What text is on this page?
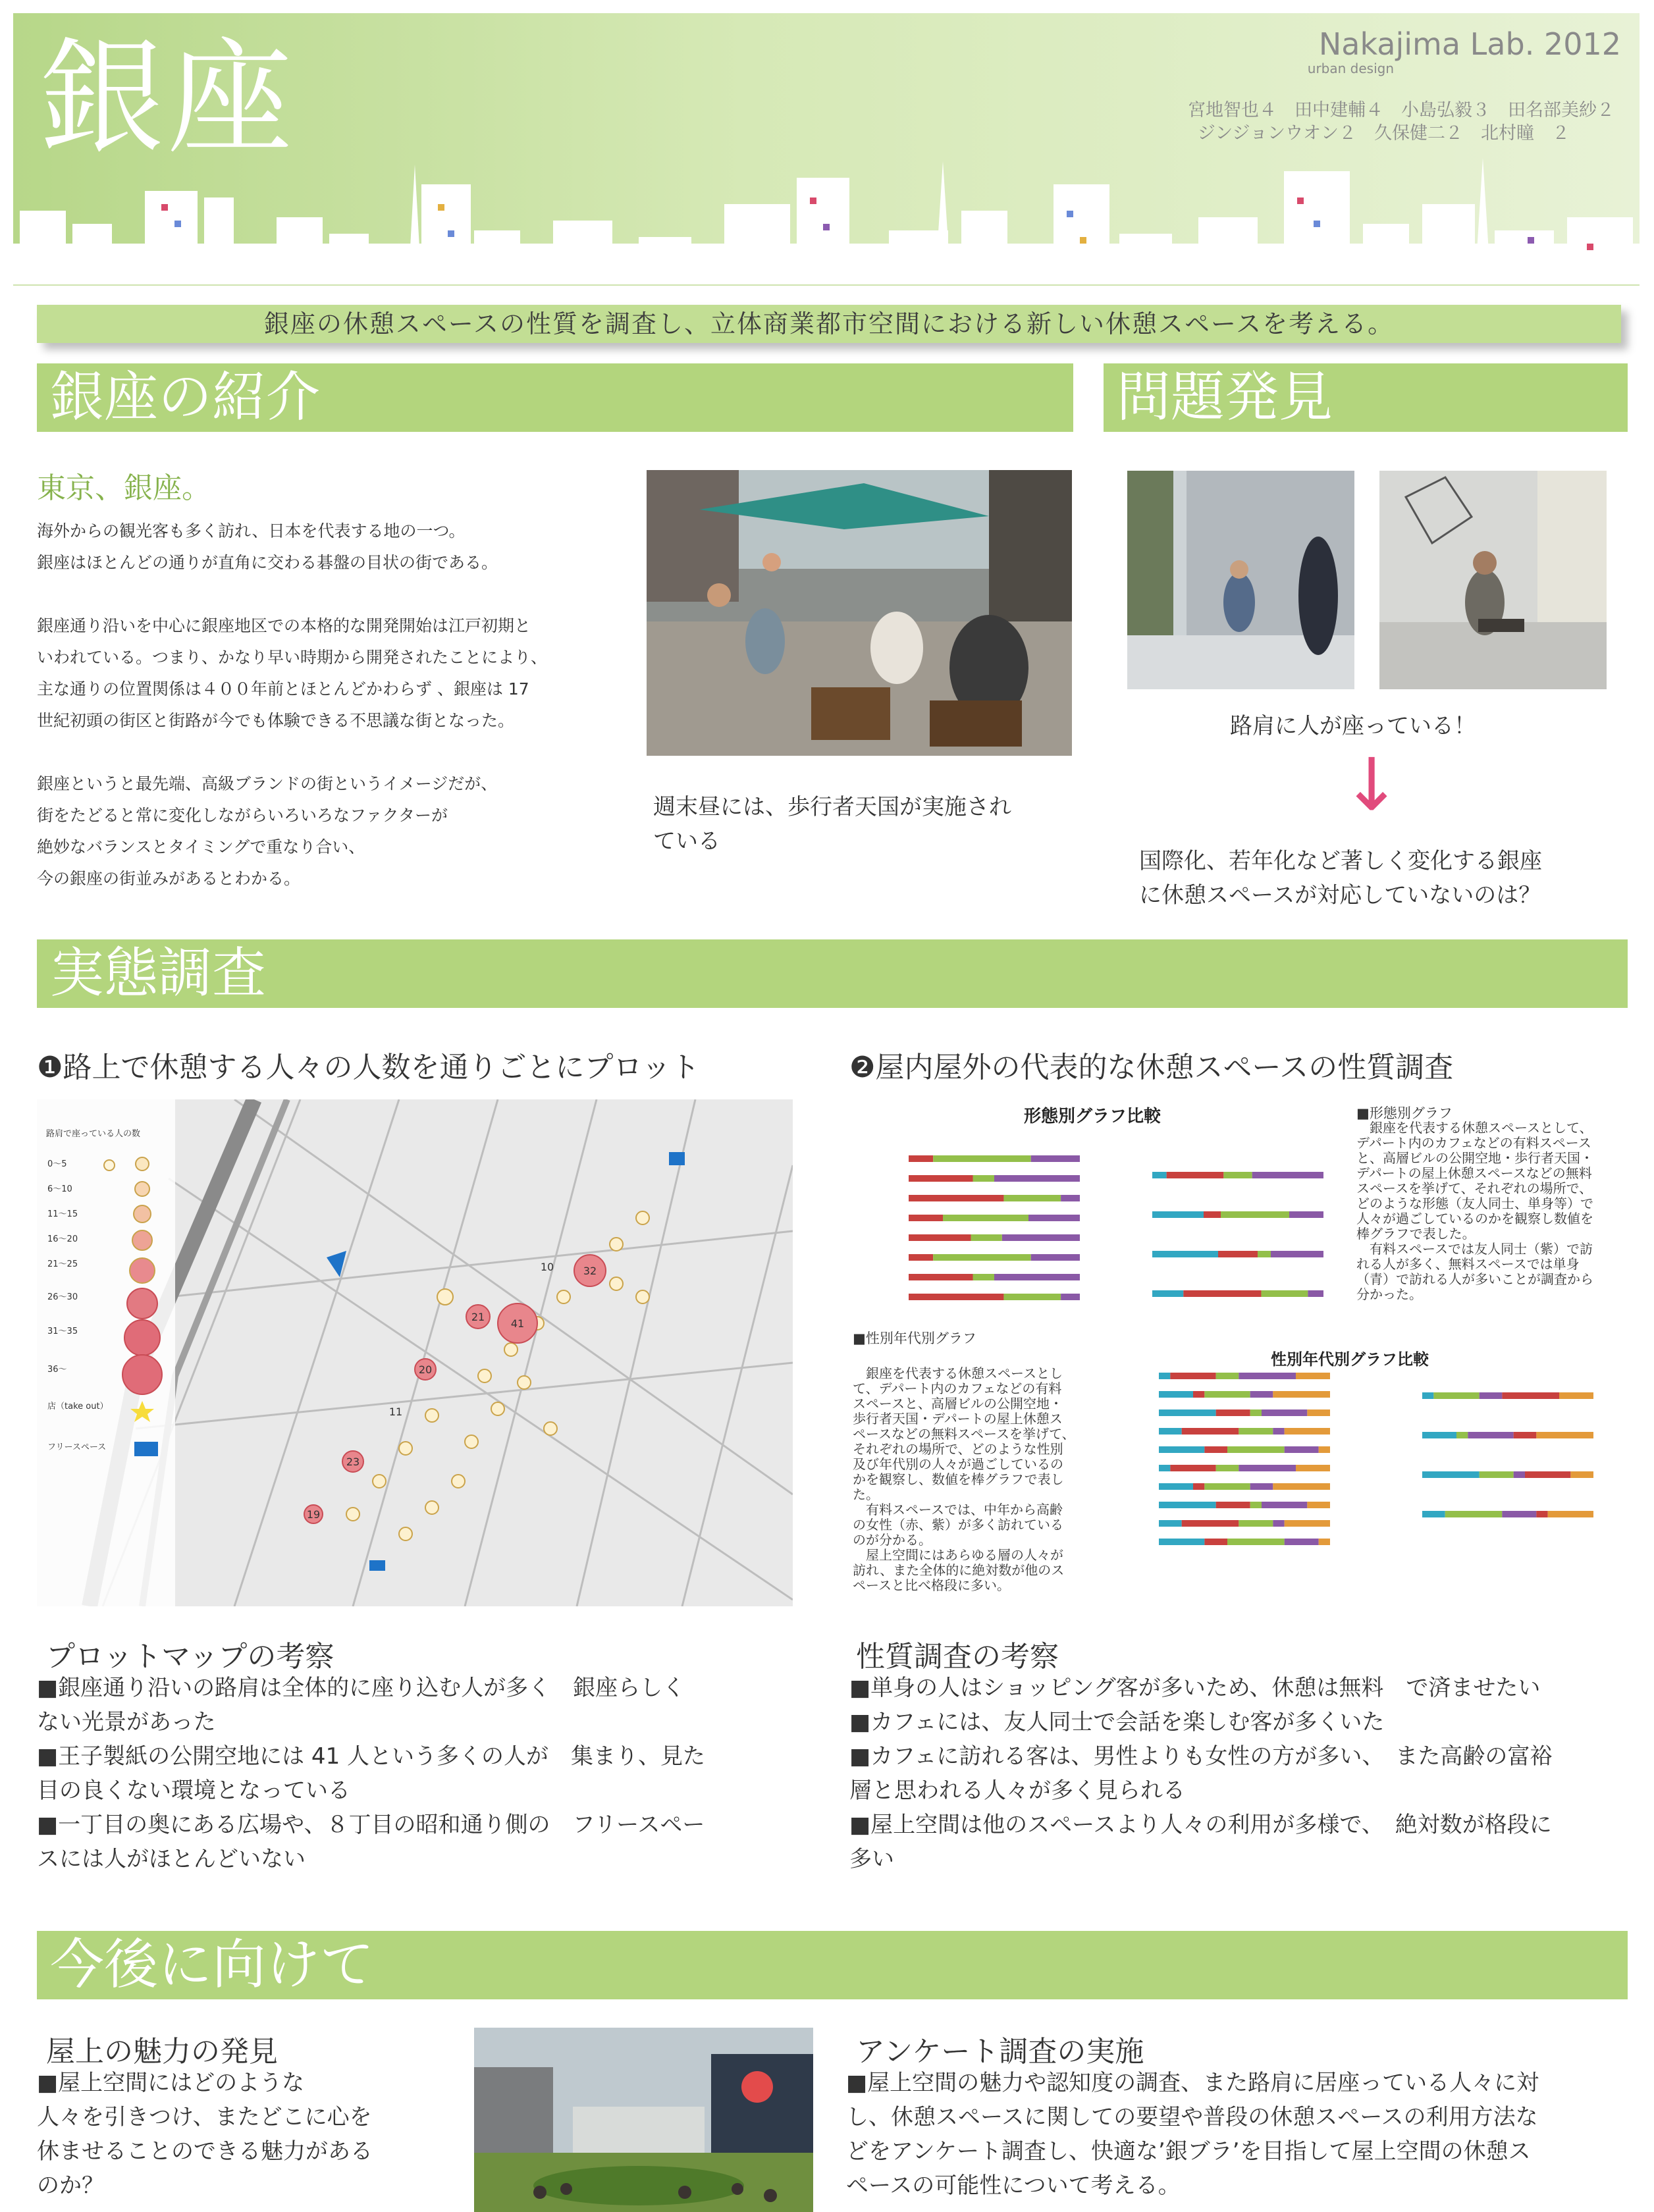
銀座	Nakajima Lab. 2012
urban design
宮地智也４　田中建輔４　小島弘毅３　田名部美紗２
ジンジョンウオン２　久保健二２　北村瞳　２
銀座の休憩スペースの性質を調査し、立体商業都市空間における新しい休憩スペースを考える。
銀座の紹介
東京、銀座。
海外からの観光客も多く訪れ、日本を代表する地の一つ。
銀座はほとんどの通りが直角に交わる碁盤の目状の街である。

銀座通り沿いを中心に銀座地区での本格的な開発開始は江戸初期と
いわれている。つまり、かなり早い時期から開発されたことにより、
主な通りの位置関係は４００年前とほとんどかわらず 、銀座は 17
世紀初頭の街区と街路が今でも体験できる不思議な街となった。

銀座というと最先端、高級ブランドの街というイメージだが、
街をたどると常に変化しながらいろいろなファクターが
絶妙なバランスとタイミングで重なり合い、
今の銀座の街並みがあるとわかる。
週末昼には、歩行者天国が実施され
ている
問題発見
路肩に人が座っている！
↓
国際化、若年化など著しく変化する銀座
に休憩スペースが対応していないのは？
実態調査
❶路上で休憩する人々の人数を通りごとにプロット	❷屋内屋外の代表的な休憩スペースの性質調査
41
32
21
20
23
19
11
10
路肩で座っている人の数
0～5
6～10
11～15
16～20
21～25
26～30
31～35
36～
店（take out）
フリースペース
形態別グラフ比較	■形態別グラフ
　銀座を代表する休憩スペースとして、
デパート内のカフェなどの有料スペース
と、高層ビルの公開空地・歩行者天国・
デパートの屋上休憩スペースなどの無料
スペースを挙げて、それぞれの場所で、
どのような形態（友人同士、単身等）で
人々が過ごしているのかを観察し数値を
棒グラフで表した。
　有料スペースでは友人同士（紫）で訪
れる人が多く、無料スペースでは単身
（青）で訪れる人が多いことが調査から
分かった。
■性別年代別グラフ
　銀座を代表する休憩スペースとし
て、デパート内のカフェなどの有料
スペースと、高層ビルの公開空地・
歩行者天国・デパートの屋上休憩ス
ペースなどの無料スペースを挙げて、
それぞれの場所で、どのような性別
及び年代別の人々が過ごしているの
かを観察し、数値を棒グラフで表し
た。
　有料スペースでは、中年から高齢
の女性（赤、紫）が多く訪れている
のが分かる。
　屋上空間にはあらゆる層の人々が
訪れ、また全体的に絶対数が他のス
ペースと比べ格段に多い。
性別年代別グラフ比較
プロットマップの考察
■銀座通り沿いの路肩は全体的に座り込む人が多く　銀座らしく
ない光景があった
■王子製紙の公開空地には 41 人という多くの人が　集まり、見た
目の良くない環境となっている
■一丁目の奥にある広場や、８丁目の昭和通り側の　フリースペー
スには人がほとんどいない
性質調査の考察
■単身の人はショッピング客が多いため、休憩は無料　で済ませたい
■カフェには、友人同士で会話を楽しむ客が多くいた
■カフェに訪れる客は、男性よりも女性の方が多い、　また高齢の富裕
層と思われる人々が多く見られる
■屋上空間は他のスペースより人々の利用が多様で、　絶対数が格段に
多い
今後に向けて
屋上の魅力の発見
■屋上空間にはどのような
人々を引きつけ、またどこに心を
休ませることのできる魅力がある
のか？
アンケート調査の実施
■屋上空間の魅力や認知度の調査、また路肩に居座っている人々に対
し、休憩スペースに関しての要望や普段の休憩スペースの利用方法な
どをアンケート調査し、快適な’銀ブラ’を目指して屋上空間の休憩ス
ペースの可能性について考える。
